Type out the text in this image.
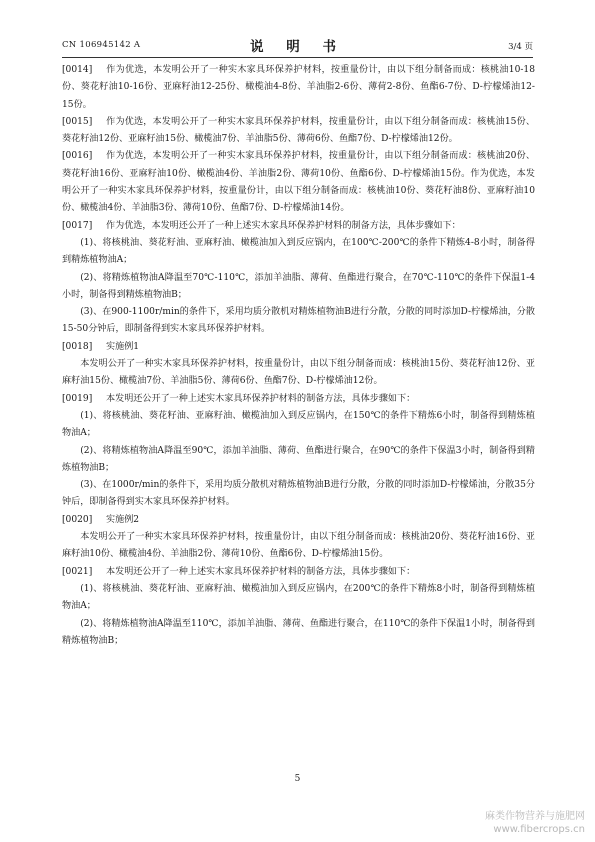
CN 106945142 A	说 明 书	3/4 页

[0014] 作为优选，本发明公开了一种实木家具环保养护材料，按重量份计，由以下组分制备而成：核桃油10-18份、葵花籽油10-16份、亚麻籽油12-25份、橄榄油4-8份、羊油脂2-6份、薄荷2-8份、鱼酯6-7份、D-柠檬烯油12-15份。

[0015] 作为优选，本发明公开了一种实木家具环保养护材料，按重量份计，由以下组分制备而成：核桃油15份、葵花籽油12份、亚麻籽油15份、橄榄油7份、羊油脂5份、薄荷6份、鱼酯7份、D-柠檬烯油12份。

[0016] 作为优选，本发明公开了一种实木家具环保养护材料，按重量份计，由以下组分制备而成：核桃油20份、葵花籽油16份、亚麻籽油10份、橄榄油4份、羊油脂2份、薄荷10份、鱼酯6份、D-柠檬烯油15份。作为优选，本发明公开了一种实木家具环保养护材料，按重量份计，由以下组分制备而成：核桃油10份、葵花籽油8份、亚麻籽油10份、橄榄油4份、羊油脂3份、薄荷10份、鱼酯7份、D-柠檬烯油14份。

[0017] 作为优选，本发明还公开了一种上述实木家具环保养护材料的制备方法，具体步骤如下：

(1)、将核桃油、葵花籽油、亚麻籽油、橄榄油加入到反应锅内，在100℃-200℃的条件下精炼4-8小时，制备得到精炼植物油A；

(2)、将精炼植物油A降温至70℃-110℃，添加羊油脂、薄荷、鱼酯进行聚合，在70℃-110℃的条件下保温1-4小时，制备得到精炼植物油B；

(3)、在900-1100r/min的条件下，采用均质分散机对精炼植物油B进行分散，分散的同时添加D-柠檬烯油，分散15-50分钟后，即制备得到实木家具环保养护材料。

[0018] 实施例1

本发明公开了一种实木家具环保养护材料，按重量份计，由以下组分制备而成：核桃油15份、葵花籽油12份、亚麻籽油15份、橄榄油7份、羊油脂5份、薄荷6份、鱼酯7份、D-柠檬烯油12份。

[0019] 本发明还公开了一种上述实木家具环保养护材料的制备方法，具体步骤如下：

(1)、将核桃油、葵花籽油、亚麻籽油、橄榄油加入到反应锅内，在150℃的条件下精炼6小时，制备得到精炼植物油A；

(2)、将精炼植物油A降温至90℃，添加羊油脂、薄荷、鱼酯进行聚合，在90℃的条件下保温3小时，制备得到精炼植物油B；

(3)、在1000r/min的条件下，采用均质分散机对精炼植物油B进行分散，分散的同时添加D-柠檬烯油，分散35分钟后，即制备得到实木家具环保养护材料。

[0020] 实施例2

本发明公开了一种实木家具环保养护材料，按重量份计，由以下组分制备而成：核桃油20份、葵花籽油16份、亚麻籽油10份、橄榄油4份、羊油脂2份、薄荷10份、鱼酯6份、D-柠檬烯油15份。

[0021] 本发明还公开了一种上述实木家具环保养护材料的制备方法，具体步骤如下：

(1)、将核桃油、葵花籽油、亚麻籽油、橄榄油加入到反应锅内，在200℃的条件下精炼8小时，制备得到精炼植物油A；

(2)、将精炼植物油A降温至110℃，添加羊油脂、薄荷、鱼酯进行聚合，在110℃的条件下保温1小时，制备得到精炼植物油B；

5
麻类作物营养与施肥网
www.fibercrops.cn
